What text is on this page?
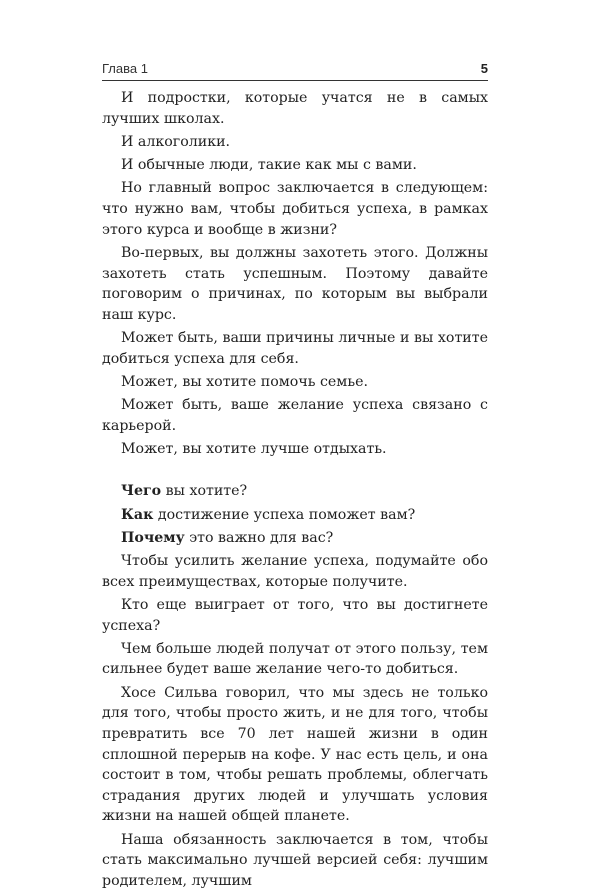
Глава 1	5

И подростки, которые учатся не в самых лучших школах.

И алкоголики.

И обычные люди, такие как мы с вами.

Но главный вопрос заключается в следующем: что нужно вам, чтобы добиться успеха, в рамках этого курса и вообще в жизни?

Во-первых, вы должны захотеть этого. Должны захотеть стать успешным. Поэтому давайте поговорим о причинах, по которым вы выбрали наш курс.

Может быть, ваши причины личные и вы хотите добиться успеха для себя.

Может, вы хотите помочь семье.

Может быть, ваше желание успеха связано с карьерой.

Может, вы хотите лучше отдыхать.

Чего вы хотите?

Как достижение успеха поможет вам?

Почему это важно для вас?

Чтобы усилить желание успеха, подумайте обо всех преимуществах, которые получите.

Кто еще выиграет от того, что вы достигнете успеха?

Чем больше людей получат от этого пользу, тем сильнее будет ваше желание чего-то добиться.

Хосе Сильва говорил, что мы здесь не только для того, чтобы просто жить, и не для того, чтобы превратить все 70 лет нашей жизни в один сплошной перерыв на кофе. У нас есть цель, и она состоит в том, чтобы решать проблемы, облегчать страдания других людей и улучшать условия жизни на нашей общей планете.

Наша обязанность заключается в том, чтобы стать максимально лучшей версией себя: лучшим родителем, лучшим
